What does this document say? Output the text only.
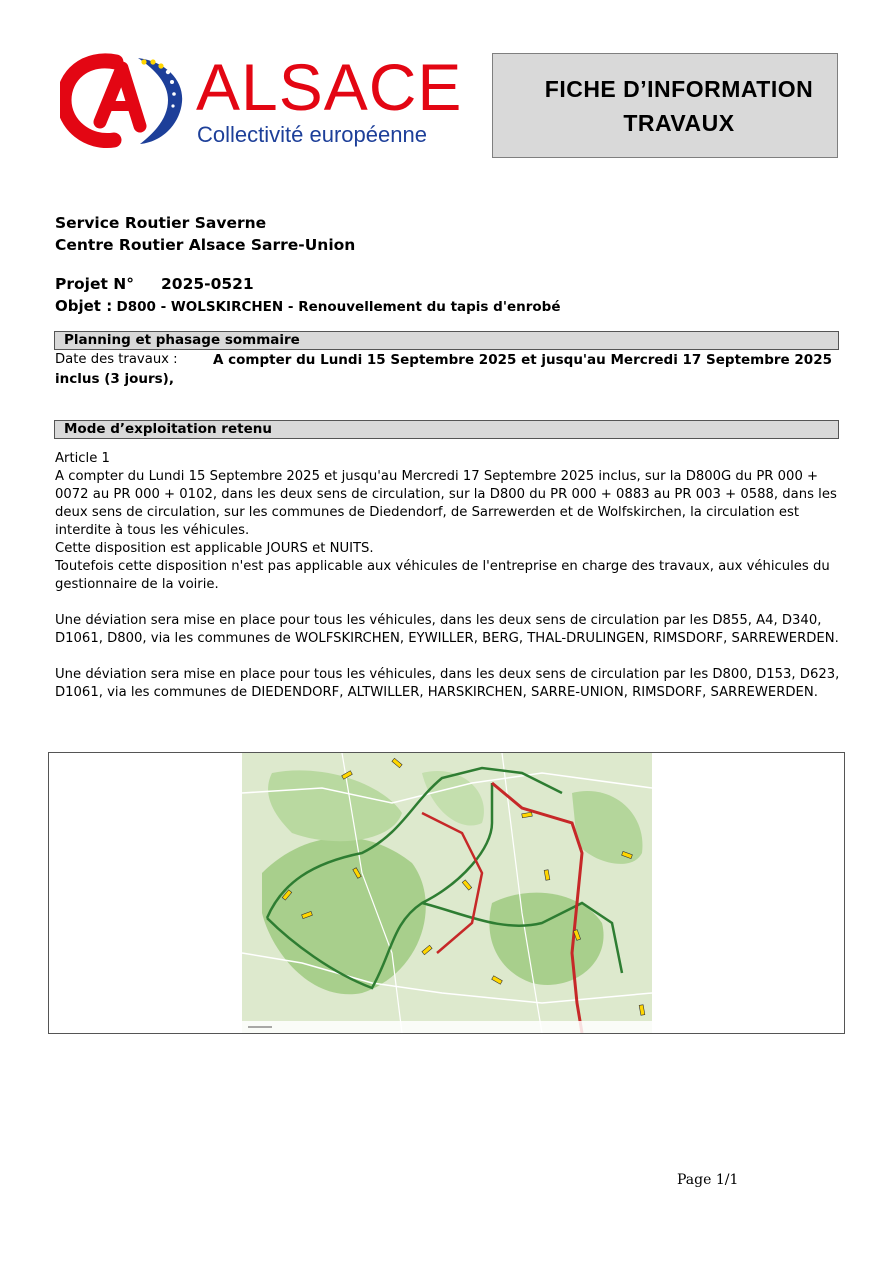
ALSACE
Collectivité européenne
FICHE D’INFORMATION
TRAVAUX
Service Routier Saverne
Centre Routier Alsace Sarre-Union
Projet N° 2025-0521
Objet : D800 - WOLSKIRCHEN - Renouvellement du tapis d'enrobé
Planning et phasage sommaire
Date des travaux :	A compter du Lundi 15 Septembre 2025 et jusqu'au Mercredi 17 Septembre 2025
inclus (3 jours),
Mode d’exploitation retenu
Article 1
A compter du Lundi 15 Septembre 2025 et jusqu'au Mercredi 17 Septembre 2025 inclus, sur la D800G du PR 000 + 0072 au PR 000 + 0102, dans les deux sens de circulation, sur la D800 du PR 000 + 0883 au PR 003 + 0588, dans les deux sens de circulation, sur les communes de Diedendorf, de Sarrewerden et de Wolfskirchen, la circulation est interdite à tous les véhicules.
Cette disposition est applicable JOURS et NUITS.
Toutefois cette disposition n'est pas applicable aux véhicules de l'entreprise en charge des travaux, aux véhicules du gestionnaire de la voirie.
Une déviation sera mise en place pour tous les véhicules, dans les deux sens de circulation par les D855, A4, D340, D1061, D800, via les communes de WOLFSKIRCHEN, EYWILLER, BERG, THAL-DRULINGEN, RIMSDORF, SARREWERDEN.
Une déviation sera mise en place pour tous les véhicules, dans les deux sens de circulation par les D800, D153, D623, D1061, via les communes de DIEDENDORF, ALTWILLER, HARSKIRCHEN, SARRE-UNION, RIMSDORF, SARREWERDEN.
Page 1/1
